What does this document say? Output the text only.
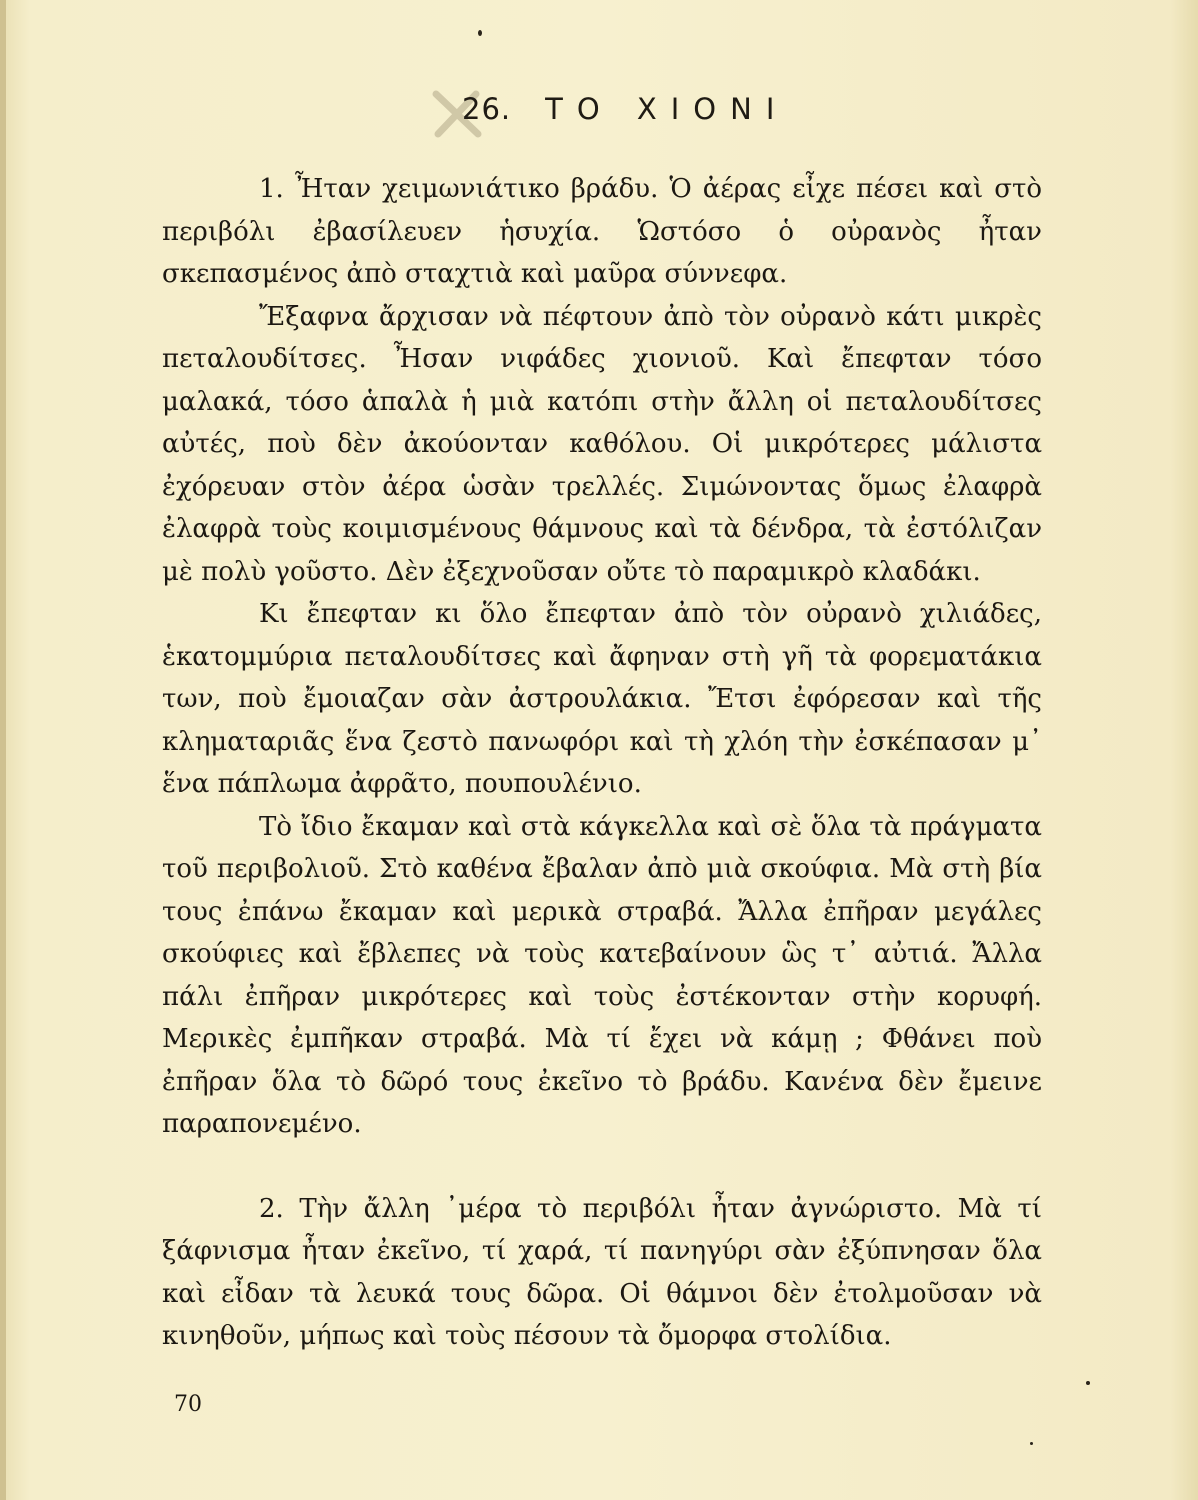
26. ΤΟ ΧΙΟΝΙ

1. Ἦταν χειμωνιάτικο βράδυ. Ὁ ἀέρας εἶχε πέσει καὶ στὸ περιβόλι ἐβασίλευεν ἡσυχία. Ὡστόσο ὁ οὐρανὸς ἦταν σκεπασμένος ἀπὸ σταχτιὰ καὶ μαῦρα σύννεφα.

Ἔξαφνα ἄρχισαν νὰ πέφτουν ἀπὸ τὸν οὐρανὸ κάτι μικρὲς πεταλουδίτσες. Ἦσαν νιφάδες χιονιοῦ. Καὶ ἔπεφταν τόσο μαλακά, τόσο ἁπαλὰ ἡ μιὰ κατόπι στὴν ἄλλη οἱ πεταλουδίτσες αὐτές, ποὺ δὲν ἀκούονταν καθόλου. Οἱ μικρότερες μάλιστα ἐχόρευαν στὸν ἀέρα ὡσὰν τρελλές. Σιμώνοντας ὅμως ἐλαφρὰ ἐλαφρὰ τοὺς κοιμισμένους θάμνους καὶ τὰ δένδρα, τὰ ἐστόλιζαν μὲ πολὺ γοῦστο. Δὲν ἐξεχνοῦσαν οὔτε τὸ παραμικρὸ κλαδάκι.

Κι ἔπεφταν κι ὅλο ἔπεφταν ἀπὸ τὸν οὐρανὸ χιλιάδες, ἑκατομμύρια πεταλουδίτσες καὶ ἄφηναν στὴ γῆ τὰ φορεματάκια των, ποὺ ἔμοιαζαν σὰν ἀστρουλάκια. Ἔτσι ἐφόρεσαν καὶ τῆς κληματαριᾶς ἕνα ζεστὸ πανωφόρι καὶ τὴ χλόη τὴν ἐσκέπασαν μ᾽ ἕνα πάπλωμα ἀφρᾶτο, πουπουλένιο.

Τὸ ἴδιο ἔκαμαν καὶ στὰ κάγκελλα καὶ σὲ ὅλα τὰ πράγματα τοῦ περιβολιοῦ. Στὸ καθένα ἔβαλαν ἀπὸ μιὰ σκούφια. Μὰ στὴ βία τους ἐπάνω ἔκαμαν καὶ μερικὰ στραβά. Ἄλλα ἐπῆραν μεγάλες σκούφιες καὶ ἔβλεπες νὰ τοὺς κατεβαίνουν ὣς τ᾽ αὐτιά. Ἄλλα πάλι ἐπῆραν μικρότερες καὶ τοὺς ἐστέκονταν στὴν κορυφή. Μερικὲς ἐμπῆκαν στραβά. Μὰ τί ἔχει νὰ κάμῃ ; Φθάνει ποὺ ἐπῆραν ὅλα τὸ δῶρό τους ἐκεῖνο τὸ βράδυ. Κανένα δὲν ἔμεινε παραπονεμένο.

2. Τὴν ἄλλη ᾽μέρα τὸ περιβόλι ἦταν ἀγνώριστο. Μὰ τί ξάφνισμα ἦταν ἐκεῖνο, τί χαρά, τί πανηγύρι σὰν ἐξύπνησαν ὅλα καὶ εἶδαν τὰ λευκά τους δῶρα. Οἱ θάμνοι δὲν ἐτολμοῦσαν νὰ κινηθοῦν, μήπως καὶ τοὺς πέσουν τὰ ὄμορφα στολίδια.

70
